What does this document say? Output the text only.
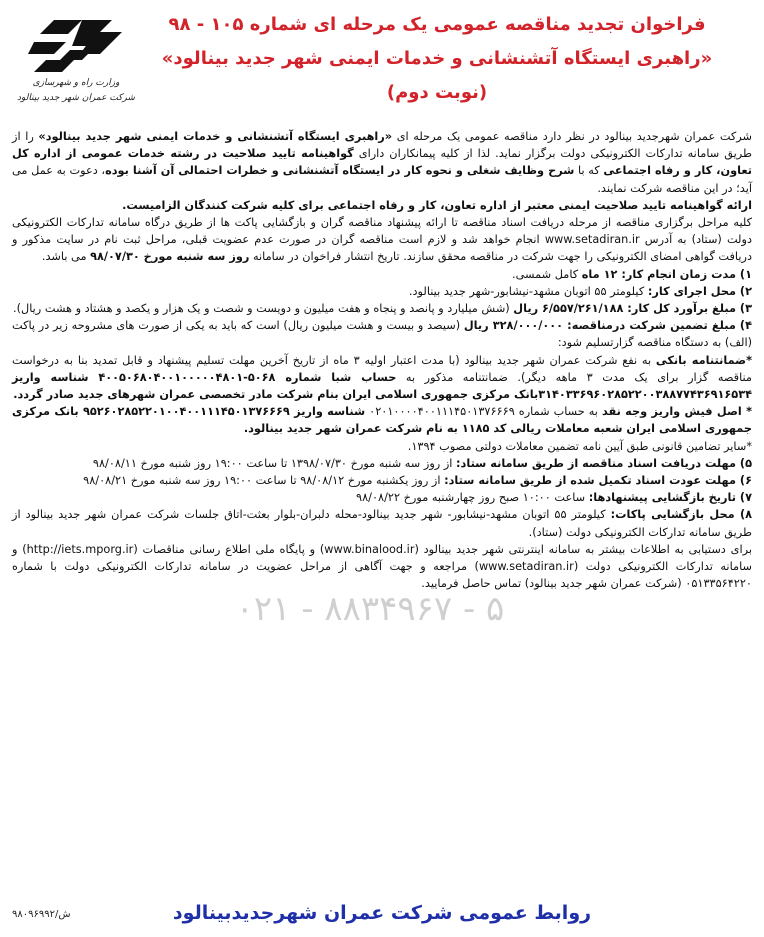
وزارت راه و شهرسازی
شرکت عمران شهر جدید بینالود

فراخوان تجدید مناقصه عمومی یک مرحله ای شماره ۱۰۵ - ۹۸

«راهبری ایستگاه آتشنشانی و خدمات ایمنی شهر جدید بینالود»

(نوبت دوم)

شرکت عمران شهرجدید بینالود در نظر دارد مناقصه عمومی یک مرحله ای «راهبری ایستگاه آتشنشانی و خدمات ایمنی شهر جدید بینالود» را از طریق سامانه تدارکات الکترونیکی دولت برگزار نماید. لذا از کلیه پیمانکاران دارای گواهینامه تایید صلاحیت در رشته خدمات عمومی از اداره کل تعاون، کار و رفاه اجتماعی که با شرح وظایف شغلی و نحوه کار در ایستگاه آتشنشانی و خطرات احتمالی آن آشنا بوده، دعوت به عمل می آید؛ در این مناقصه شرکت نمایند.

ارائه گواهینامه تایید صلاحیت ایمنی معتبر از اداره تعاون، کار و رفاه اجتماعی برای کلیه شرکت کنندگان الزامیست.

کلیه مراحل برگزاری مناقصه از مرحله دریافت اسناد مناقصه تا ارائه پیشنهاد مناقصه گران و بازگشایی پاکت ها از طریق درگاه سامانه تدارکات الکترونیکی دولت (ستاد) به آدرس www.setadiran.ir انجام خواهد شد و لازم است مناقصه گران در صورت عدم عضویت قبلی، مراحل ثبت نام در سایت مذکور و دریافت گواهی امضای الکترونیکی را جهت شرکت در مناقصه محقق سازند. تاریخ انتشار فراخوان در سامانه روز سه شنبه مورخ ۹۸/۰۷/۳۰ می باشد.

۱) مدت زمان انجام کار: ۱۲ ماه کامل شمسی.

۲) محل اجرای کار: کیلومتر ۵۵ اتوبان مشهد-نیشابور-شهر جدید بینالود.

۳) مبلغ برآورد کل کار: ۶/۵۵۷/۲۶۱/۱۸۸ ریال (شش میلیارد و پانصد و پنجاه و هفت میلیون و دویست و شصت و یک هزار و یکصد و هشتاد و هشت ریال).

۴) مبلغ تضمین شرکت درمناقصه: ۳۲۸/۰۰۰/۰۰۰ ریال (سیصد و بیست و هشت میلیون ریال) است که باید به یکی از صورت های مشروحه زیر در پاکت (الف) به دستگاه مناقصه گزارتسلیم شود:

*ضمانتنامه بانکی به نفع شرکت عمران شهر جدید بینالود (با مدت اعتبار اولیه ۳ ماه از تاریخ آخرین مهلت تسلیم پیشنهاد و قابل تمدید بنا به درخواست مناقصه گزار برای یک مدت ۳ ماهه دیگر). ضمانتنامه مذکور به حساب شبا شماره ۵۰۶۸-۴۰۰۵۰۶۸۰۴۰۰۱۰۰۰۰۰۴۸۰۱ شناسه واریز ۳۱۴۰۳۳۶۹۶۰۲۸۵۲۲۰۰۳۸۸۷۷۴۳۶۹۱۶۵۳۴بانک مرکزی جمهوری اسلامی ایران بنام شرکت مادر تخصصی عمران شهرهای جدید صادر گردد.

* اصل فیش واریز وجه نقد به حساب شماره ۰۲۰۱۰۰۰۰۴۰۰۱۱۱۴۵۰۱۳۷۶۶۶۹ شناسه واریز ۹۵۲۶۰۲۸۵۲۲۰۱۰۰۴۰۰۱۱۱۴۵۰۱۳۷۶۶۶۹ بانک مرکزی جمهوری اسلامی ایران شعبه معاملات ریالی کد ۱۱۸۵ به نام شرکت عمران شهر جدید بینالود.

*سایر تضامین قانونی طبق آیین نامه تضمین معاملات دولتی مصوب ۱۳۹۴.

۵) مهلت دریافت اسناد مناقصه از طریق سامانه ستاد: از روز سه شنبه مورخ ۱۳۹۸/۰۷/۳۰ تا ساعت ۱۹:۰۰ روز شنبه مورخ ۹۸/۰۸/۱۱

۶) مهلت عودت اسناد تکمیل شده از طریق سامانه ستاد: از روز یکشنبه مورخ ۹۸/۰۸/۱۲ تا ساعت ۱۹:۰۰ روز سه شنبه مورخ ۹۸/۰۸/۲۱

۷) تاریخ بازگشایی پیشنهادها: ساعت ۱۰:۰۰ صبح روز چهارشنبه مورخ ۹۸/۰۸/۲۲

۸) محل بازگشایی پاکات: کیلومتر ۵۵ اتوبان مشهد-نیشابور- شهر جدید بینالود-محله دلبران-بلوار بعثت-اتاق جلسات شرکت عمران شهر جدید بینالود از طریق سامانه تدارکات الکترونیکی دولت (ستاد).

برای دستیابی به اطلاعات بیشتر به سامانه اینترنتی شهر جدید بینالود (www.binalood.ir) و پایگاه ملی اطلاع رسانی مناقصات (http://iets.mporg.ir) و سامانه تدارکات الکترونیکی دولت (www.setadiran.ir) مراجعه و جهت آگاهی از مراحل عضویت در سامانه تدارکات الکترونیکی دولت با شماره ۰۵۱۳۳۵۶۴۲۲۰ (شرکت عمران شهر جدید بینالود) تماس حاصل فرمایید.

۰۲۱ - ۸۸۳۴۹۶۷ - ۵
روابط عمومی شرکت عمران شهرجدیدبینالود
۹۸۰۹۶۹۹۲/ش
